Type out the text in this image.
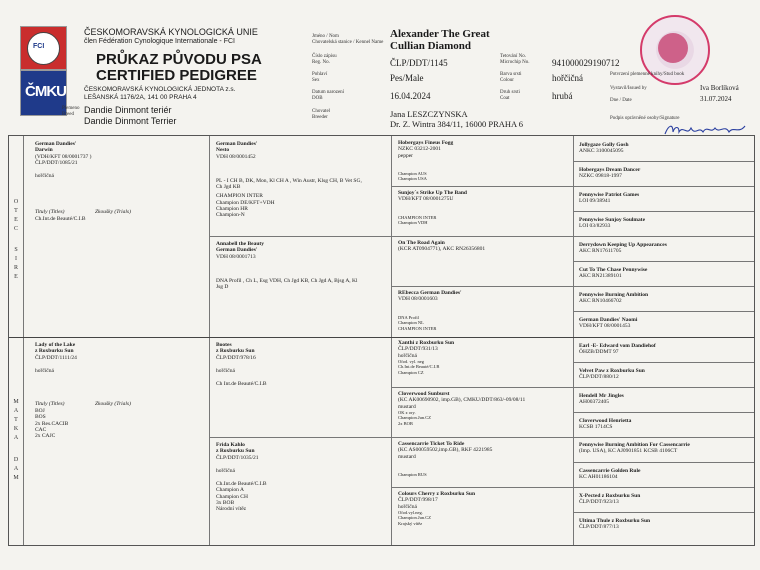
FCI
ČMKU
ČESKOMORAVSKÁ KYNOLOGICKÁ UNIE
člen Fédération Cynologique Internationale - FCI
PRŮKAZ PŮVODU PSA
CERTIFIED PEDIGREE
ČESKOMORAVSKÁ KYNOLOGICKÁ JEDNOTA z.s.
LEŠANSKÁ 1176/2A, 141 00 PRAHA 4
Plemeno
Breed Dandie Dinmont teriér
Dandie Dinmont Terrier
Jméno / Nom
Chovatelská stanice / Kennel Name
Alexander The Great
Cullian Diamond
Číslo zápisu
Reg. No.	ČLP/DDT/1145
Pohlaví
Sex	Pes/Male
Datum narození
DOB	16.04.2024
Chovatel
Breeder	Jana LESZCZYNSKA
Dr. Z. Wintra 384/11, 16000 PRAHA 6
Tetování No.
Microchip No.	941000029190712
Barva srsti
Colour	hořčičná
Druh srsti
Coat	hrubá
Potvrzení plemenné knihy/Stud book
Vystavil/Issued by	Iva Borlíková
Dne / Date	31.07.2024
Podpis oprávněné osoby/Signature
O
T
E
C
S
I
R
E
M
A
T
K
A
D
A
M
German Dandies'
Darwin
(VDH/KFT 08/0001737 )
ČLP/DDT/1085/21
hořčičná
Tituly (Titles)
Ch.Int.de Beauté/C.I.B
Zkoušky (Trials)
Lady of the Lake
z Roxburku Sun
ČLP/DDT/1111/24
hořčičná
Tituly (Titles)	Zkoušky (Trials)
BOJ
BOS
2x Res.CACIB
CAC
2x CAJC
German Dandies'
Nesto
VDH 08/0001452
PL - I CH B, DK, Mon, Kl CH A , Win Austr, Klsg CH, B Vet SG,
Ch Jgd KB
CHAMPION INTER
Champion DE/KFT+VDH
Champion HR
Champion-N
Annabell the Beauty
German Dandies'
VDH 08/0001713
DNA Profil , Ch L, Esg VDH, Ch Jgd KB, Ch Jgd A, Bjsg A, Kl
Jsg D
Bootes
z Roxburku Sun
ČLP/DDT/978/16
hořčičná
Ch Int.de Beauté/C.I.B
Frida Kahlo
z Roxburku Sun
ČLP/DDT/1035/21
hořčičná
Ch.Int.de Beauté/C.I.B
Champion A
Champion CH
3x BOB
Národní vítěz
Hobergays Fineus Fogg
NZKC 03212-2001
pepper
Champion AUS
Champion USA
Sunjoy´s Strike Up The Band
VDH/KFT 08/0001275U
CHAMPION INTER
Champion VDH
On The Road Again
(KCR AT0904771), AKC RN26356801
REbecca German Dandies'
VDH 08/0001603
DNA Profil
Champion NL
CHAMPION INTER
Xanthi z Roxburku Sun
ČLP/DDT/931/13
hořčičná
Ofod. vyl. neg
Ch.Int.de Beauté/C.I.B
Champion CZ
Cloverwood Sunburst
(KC AK00690902, imp.GB), CMKU/DDT/863/-09/08/11
mustard
OK z ory.
Champion.Jun.CZ
2x BOB
Cassencarrie Ticket To Ride
(KC AS00059502,imp.GB), RKF 4221985
mustard
Champion RUS
Colours Cherry z Roxburku Sun
ČLP/DDT/998/17
hořčičná
Ofod.vyl.neg.
Champion.Jun.CZ
Krajský vítěz
Jollygaze Golly Gosh
ANKC 3100045095
Hobergays Dream Dancer
NZKC 09818-1997
Pennywise Patriot Games
LOI 09/38941
Pennywise Sunjoy Soulmate
LOI 03/82933
Derrydown Keeping Up Appearances
AKC RN17611705
Cut To The Chase Pennywise
AKC RN21389101
Pennywise Burning Ambition
AKC RN10466702
German Dandies' Naomi
VDH/KFT 08/0001453
Earl -E- Edward vom Dandiehof
ÖHZB/DDMT 97
Velvet Paw z Roxburku Sun
ČLP/DDT/880/12
Hendell Mr Jingles
AH00372405
Cloverwood Henrietta
KCSB 1714CS
Pennywise Burning Ambition For Cassencarrie
(Imp. USA), KC AJ0901851 KCSB 4106CT
Cassencarrie Golden Rule
KC AH01186104
X-Pected z Roxburku Sun
ČLP/DDT/923/13
Ultima Thule z Roxburku Sun
ČLP/DDT/877/13
